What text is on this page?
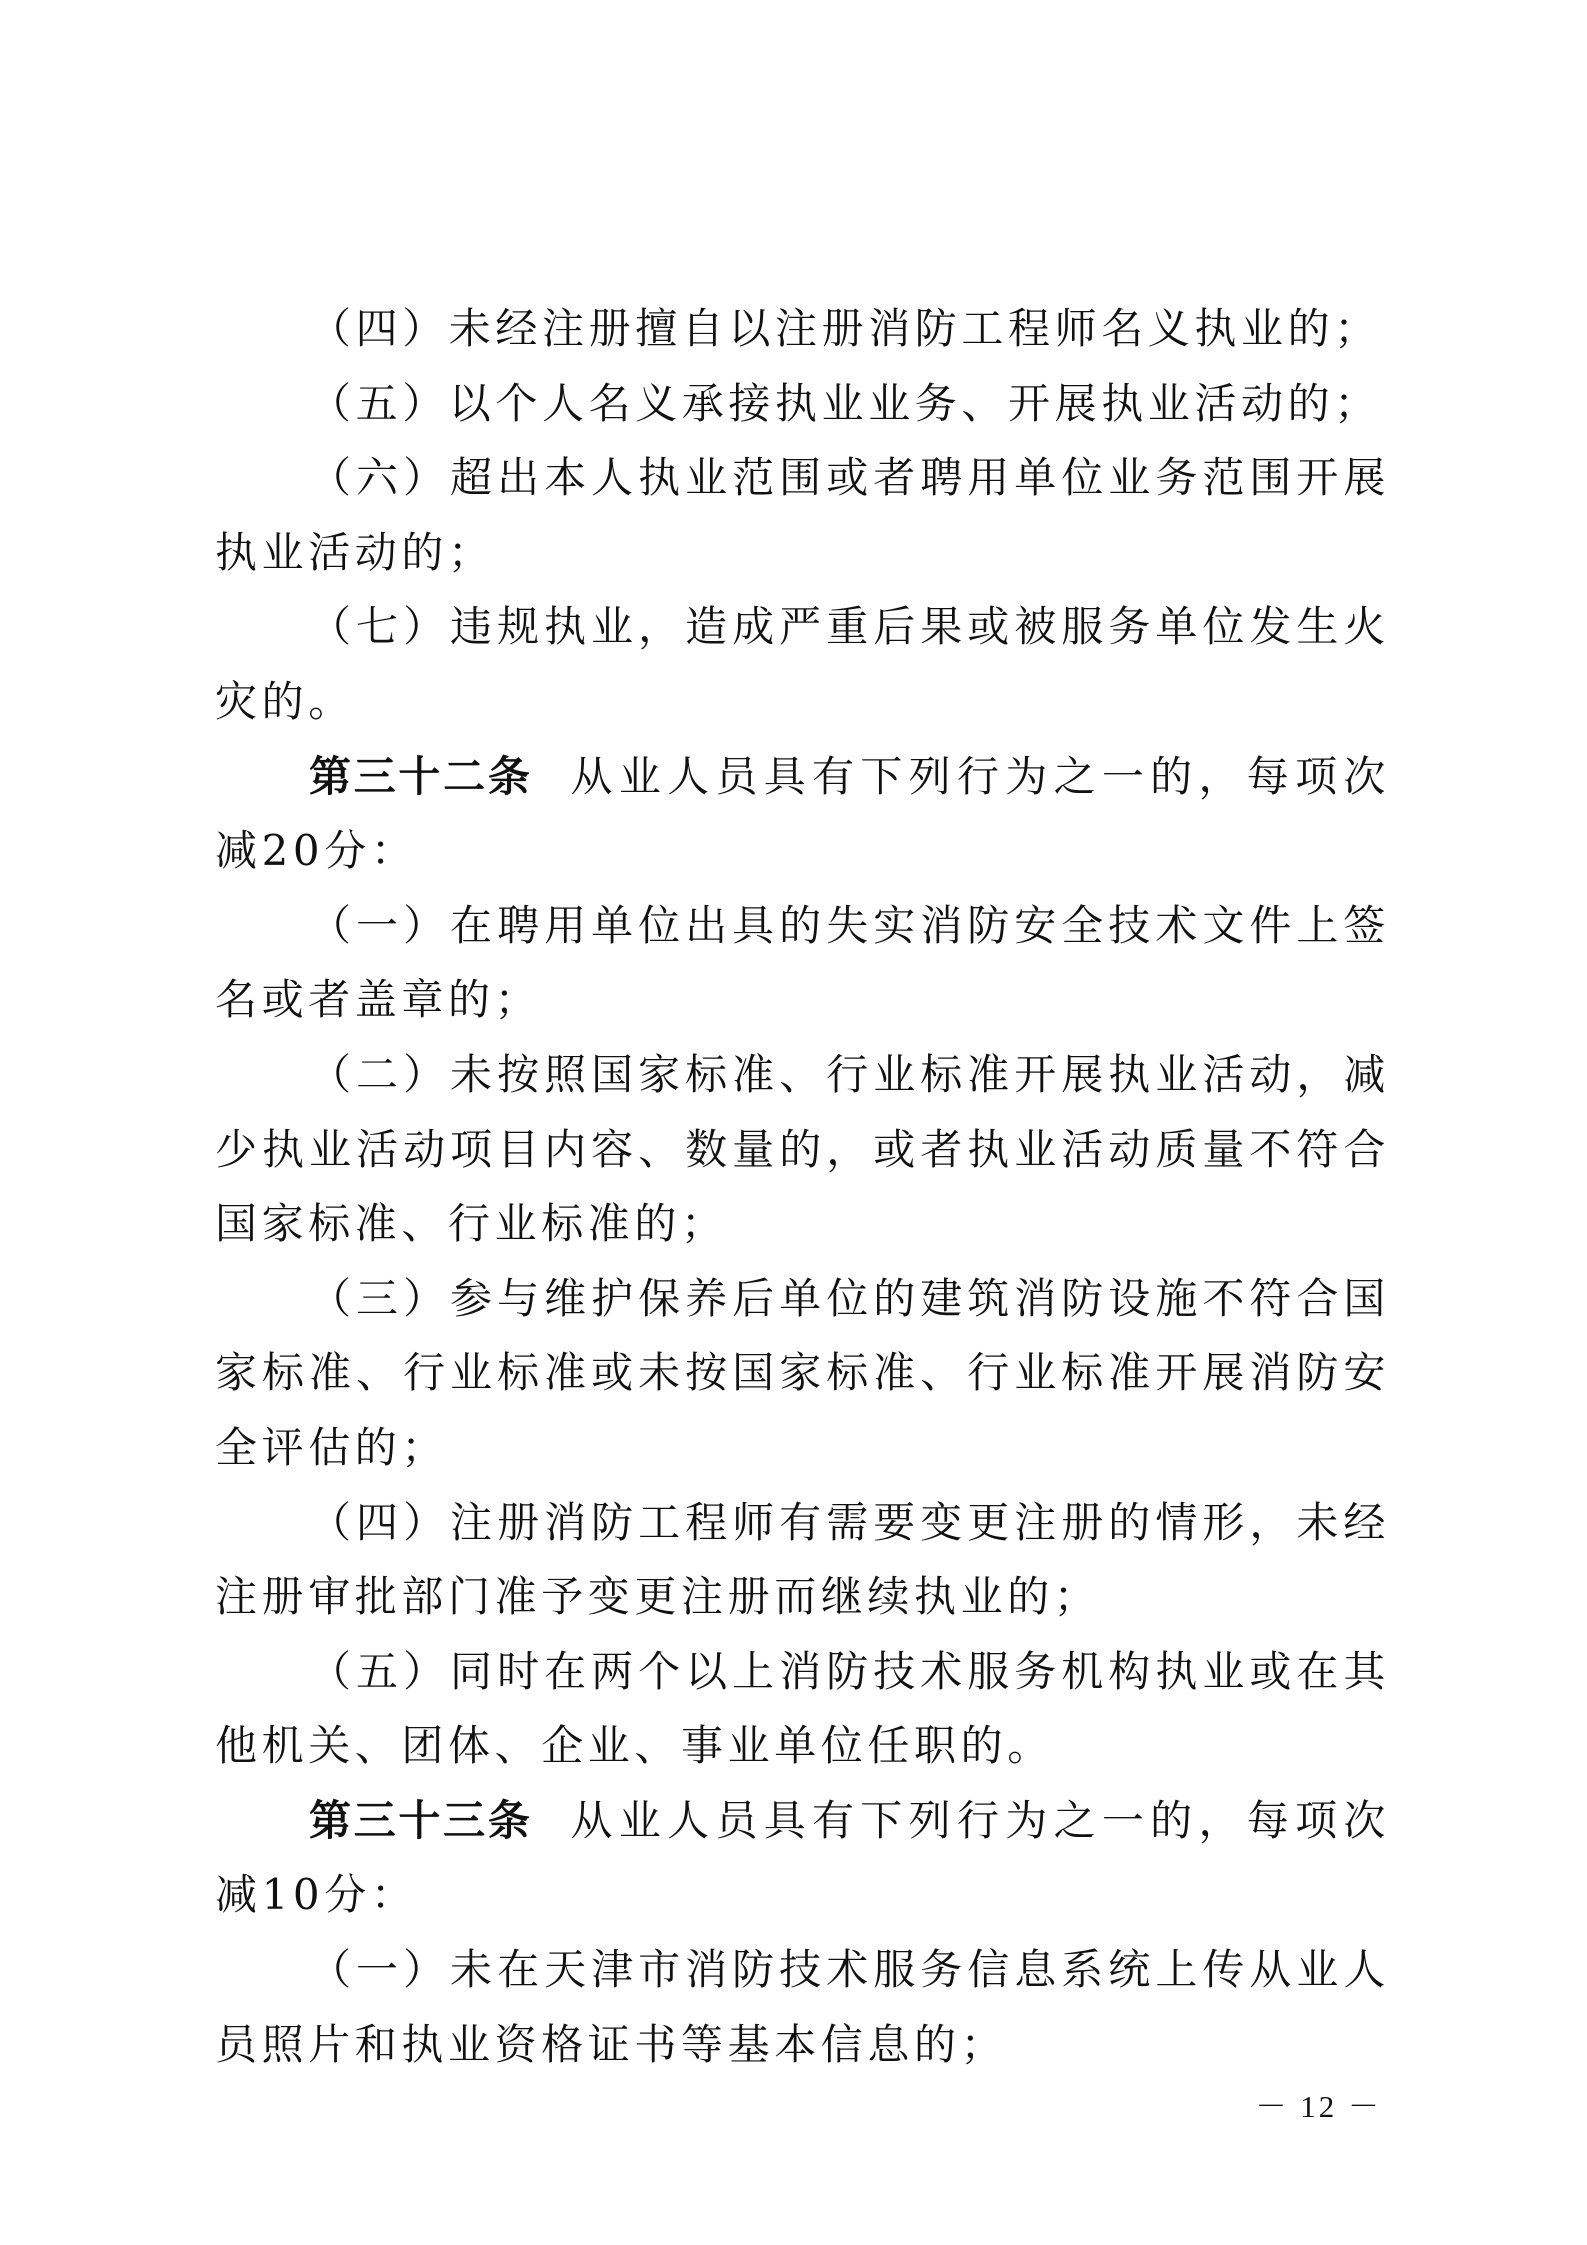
（四）未经注册擅自以注册消防工程师名义执业的；

（五）以个人名义承接执业业务、开展执业活动的；

（六）超出本人执业范围或者聘用单位业务范围开展执业活动的；

（七）违规执业，造成严重后果或被服务单位发生火灾的。

第三十二条 从业人员具有下列行为之一的，每项次减20分：

（一）在聘用单位出具的失实消防安全技术文件上签名或者盖章的；

（二）未按照国家标准、行业标准开展执业活动，减少执业活动项目内容、数量的，或者执业活动质量不符合国家标准、行业标准的；

（三）参与维护保养后单位的建筑消防设施不符合国家标准、行业标准或未按国家标准、行业标准开展消防安全评估的；

（四）注册消防工程师有需要变更注册的情形，未经注册审批部门准予变更注册而继续执业的；

（五）同时在两个以上消防技术服务机构执业或在其他机关、团体、企业、事业单位任职的。

第三十三条 从业人员具有下列行为之一的，每项次减10分：

（一）未在天津市消防技术服务信息系统上传从业人员照片和执业资格证书等基本信息的；

－ 12 －
